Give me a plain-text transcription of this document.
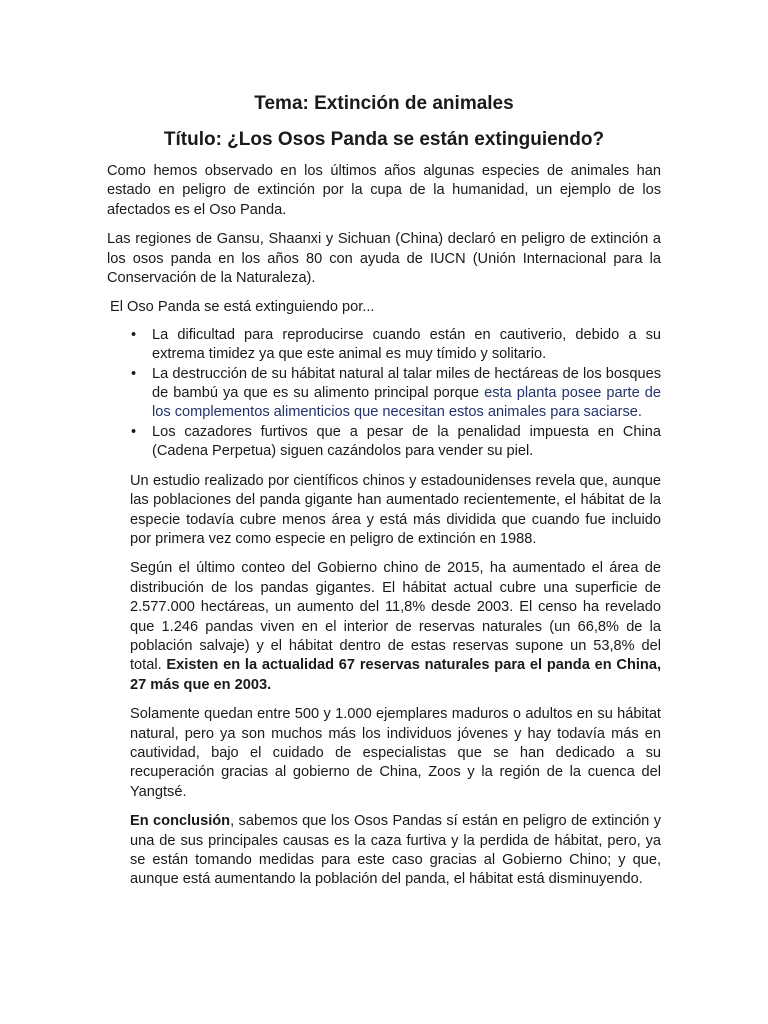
Tema: Extinción de animales
Título: ¿Los Osos Panda se están extinguiendo?

Como hemos observado en los últimos años algunas especies de animales han estado en peligro de extinción por la cupa de la humanidad, un ejemplo de los afectados es el Oso Panda.

Las regiones de Gansu, Shaanxi y Sichuan (China) declaró en peligro de extinción a los osos panda en los años 80 con ayuda de IUCN (Unión Internacional para la Conservación de la Naturaleza).

El Oso Panda se está extinguiendo por...

• La dificultad para reproducirse cuando están en cautiverio, debido a su extrema timidez ya que este animal es muy tímido y solitario.
• La destrucción de su hábitat natural al talar miles de hectáreas de los bosques de bambú ya que es su alimento principal porque esta planta posee parte de los complementos alimenticios que necesitan estos animales para saciarse.
• Los cazadores furtivos que a pesar de la penalidad impuesta en China (Cadena Perpetua) siguen cazándolos para vender su piel.

Un estudio realizado por científicos chinos y estadounidenses revela que, aunque las poblaciones del panda gigante han aumentado recientemente, el hábitat de la especie todavía cubre menos área y está más dividida que cuando fue incluido por primera vez como especie en peligro de extinción en 1988.

Según el último conteo del Gobierno chino de 2015, ha aumentado el área de distribución de los pandas gigantes. El hábitat actual cubre una superficie de 2.577.000 hectáreas, un aumento del 11,8% desde 2003. El censo ha revelado que 1.246 pandas viven en el interior de reservas naturales (un 66,8% de la población salvaje) y el hábitat dentro de estas reservas supone un 53,8% del total. Existen en la actualidad 67 reservas naturales para el panda en China, 27 más que en 2003.

Solamente quedan entre 500 y 1.000 ejemplares maduros o adultos en su hábitat natural, pero ya son muchos más los individuos jóvenes y hay todavía más en cautividad, bajo el cuidado de especialistas que se han dedicado a su recuperación gracias al gobierno de China, Zoos y la región de la cuenca del Yangtsé.

En conclusión, sabemos que los Osos Pandas sí están en peligro de extinción y una de sus principales causas es la caza furtiva y la perdida de hábitat, pero, ya se están tomando medidas para este caso gracias al Gobierno Chino; y que, aunque está aumentando la población del panda, el hábitat está disminuyendo.
